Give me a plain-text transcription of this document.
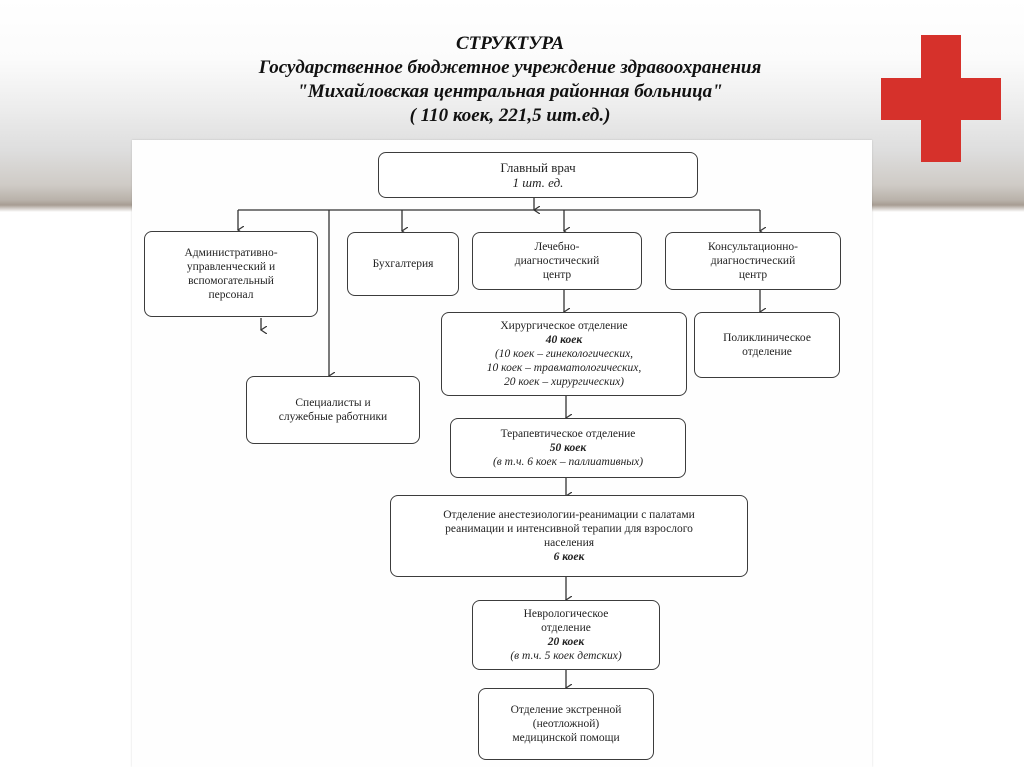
СТРУКТУРА
Государственное бюджетное учреждение здравоохранения
"Михайловская центральная районная больница"
( 110 коек, 221,5 шт.ед.)
Главный врач
1 шт. ед.
Административно-
управленческий и
вспомогательный
персонал
Бухгалтерия
Лечебно-
диагностический
центр
Консультационно-
диагностический
центр
Специалисты и
служебные работники
Хирургическое отделение
40 коек
(10 коек – гинекологических,
10 коек – травматологических,
20 коек – хирургических)
Поликлиническое
отделение
Терапевтическое отделение
50 коек
(в т.ч. 6 коек – паллиативных)
Отделение анестезиологии-реанимации с палатами
реанимации и интенсивной терапии для взрослого
населения
6 коек
Неврологическое
отделение
20 коек
(в т.ч. 5 коек детских)
Отделение экстренной
(неотложной)
медицинской помощи
